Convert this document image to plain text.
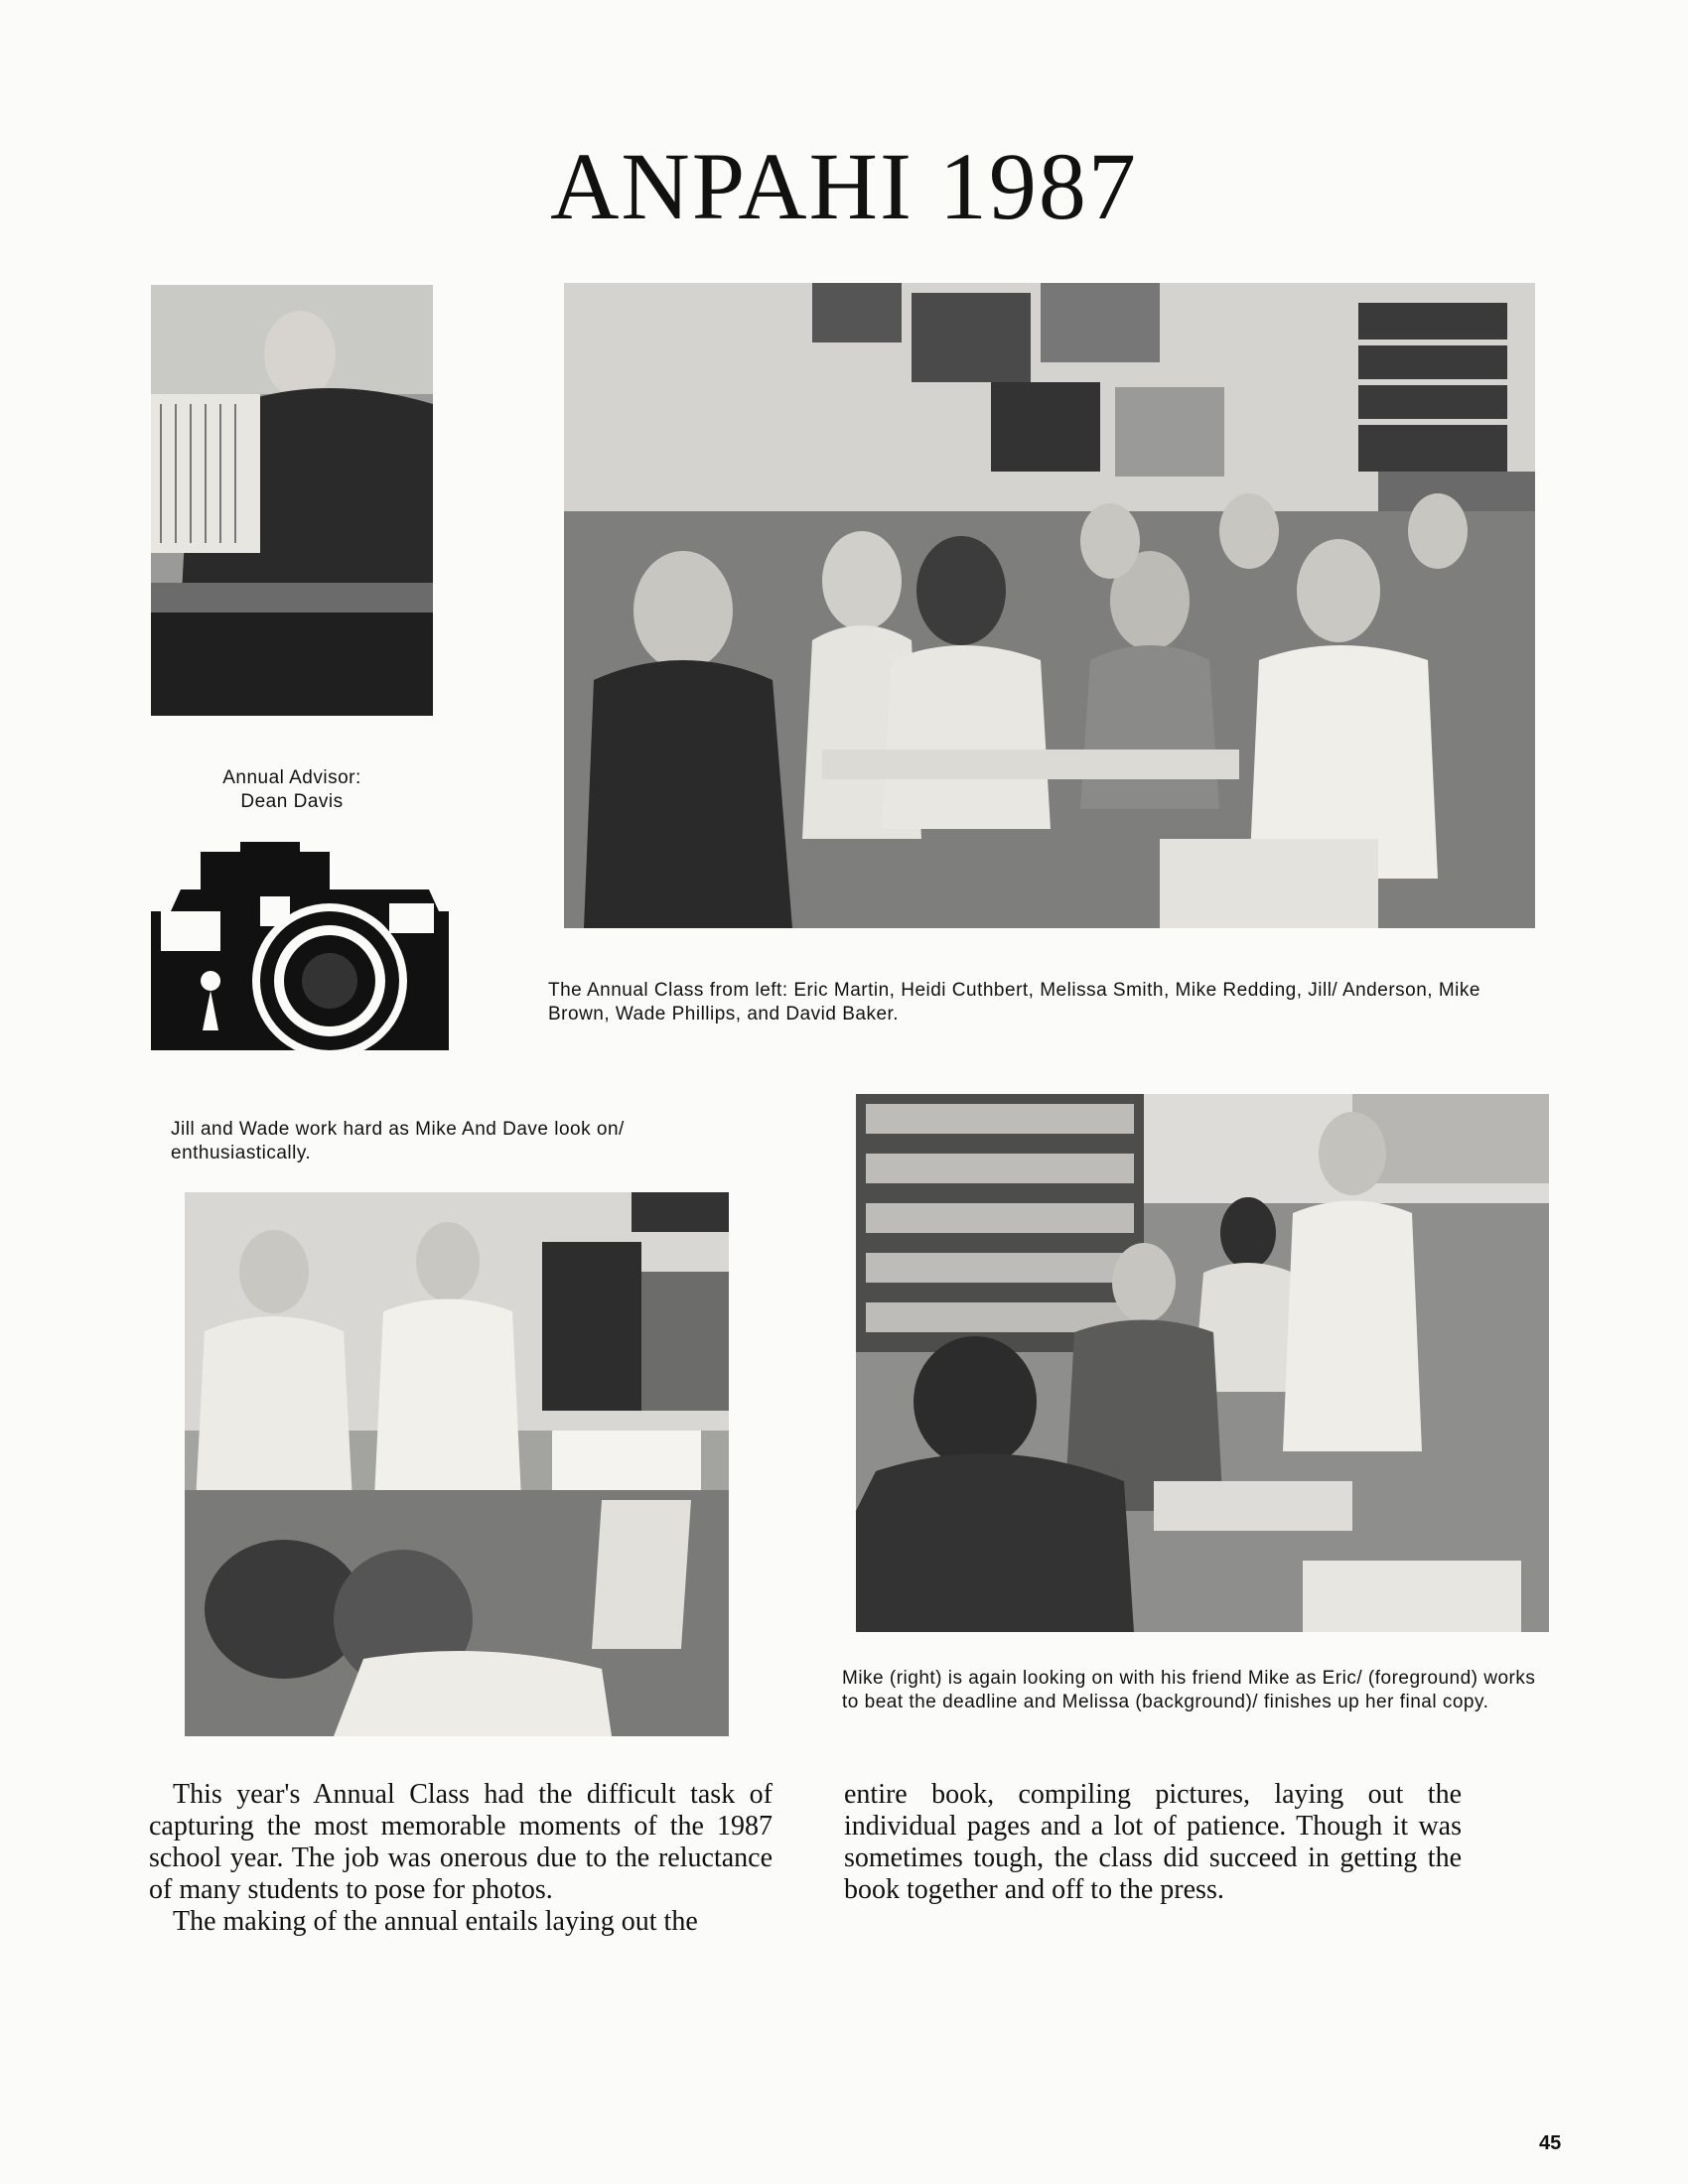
ANPAHI 1987
Annual Advisor:
Dean Davis
The Annual Class from left: Eric Martin, Heidi Cuthbert, Melissa Smith, Mike Redding, Jill/ Anderson, Mike Brown, Wade Phillips, and David Baker.
Jill and Wade work hard as Mike And Dave look on/ enthusiastically.
Mike (right) is again looking on with his friend Mike as Eric/ (foreground) works to beat the deadline and Melissa (background)/ finishes up her final copy.

This year's Annual Class had the difficult task of capturing the most memorable moments of the 1987 school year. The job was onerous due to the reluctance of many students to pose for photos.

The making of the annual entails laying out the

entire book, compiling pictures, laying out the individual pages and a lot of patience. Though it was sometimes tough, the class did succeed in getting the book together and off to the press.

45
